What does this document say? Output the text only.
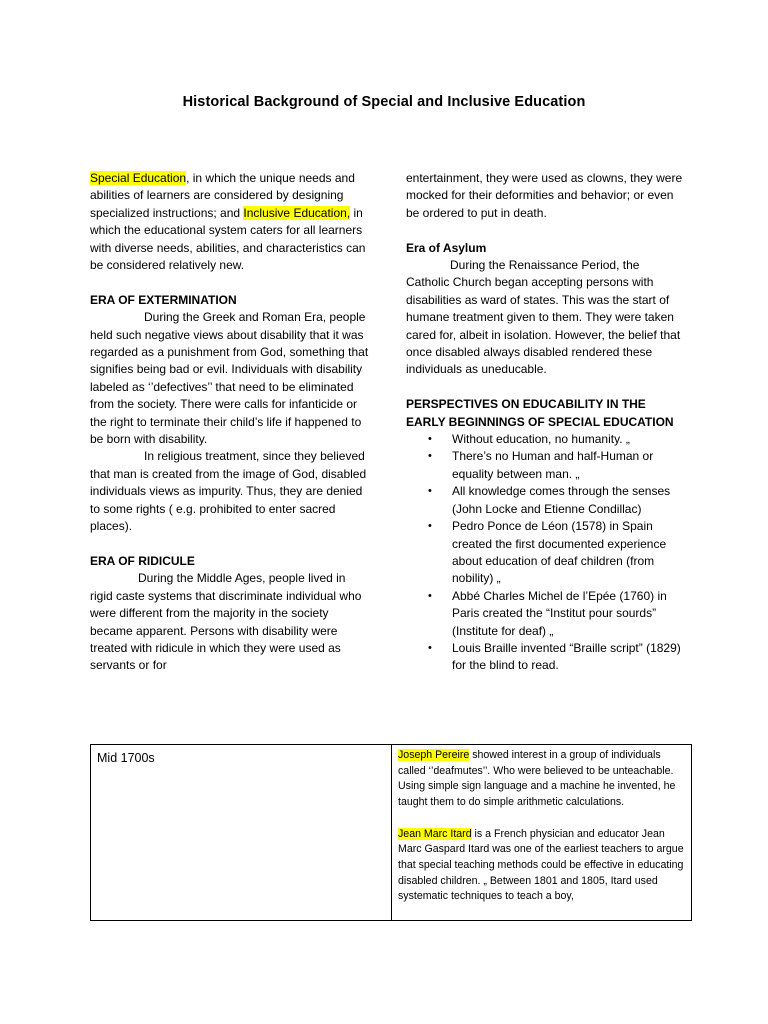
Historical Background of Special and Inclusive Education

Special Education, in which the unique needs and abilities of learners are considered by designing specialized instructions; and Inclusive Education, in which the educational system caters for all learners with diverse needs, abilities, and characteristics can be considered relatively new.

ERA OF EXTERMINATION

During the Greek and Roman Era, people held such negative views about disability that it was regarded as a punishment from God, something that signifies being bad or evil. Individuals with disability labeled as ‘’defectives’’ that need to be eliminated from the society. There were calls for infanticide or the right to terminate their child’s life if happened to be born with disability.

In religious treatment, since they believed that man is created from the image of God, disabled individuals views as impurity. Thus, they are denied to some rights ( e.g. prohibited to enter sacred places).

ERA OF RIDICULE

During the Middle Ages, people lived in rigid caste systems that discriminate individual who were different from the majority in the society became apparent. Persons with disability were treated with ridicule in which they were used as servants or for

entertainment, they were used as clowns, they were mocked for their deformities and behavior; or even be ordered to put in death.

Era of Asylum

During the Renaissance Period, the Catholic Church began accepting persons with disabilities as ward of states. This was the start of humane treatment given to them. They were taken cared for, albeit in isolation. However, the belief that once disabled always disabled rendered these individuals as uneducable.

PERSPECTIVES ON EDUCABILITY IN THE EARLY BEGINNINGS OF SPECIAL EDUCATION

• Without education, no humanity. „
• There’s no Human and half-Human or equality between man. „
• All knowledge comes through the senses (John Locke and Etienne Condillac)
• Pedro Ponce de Léon (1578) in Spain created the first documented experience about education of deaf children (from nobility) „
• Abbé Charles Michel de l’Epée (1760) in Paris created the “Institut pour sourds” (Institute for deaf) „
• Louis Braille invented “Braille script” (1829) for the blind to read.
Mid 1700s	Joseph Pereire showed interest in a group of individuals called ‘’deafmutes’’. Who were believed to be unteachable. Using simple sign language and a machine he invented, he taught them to do simple arithmetic calculations.

Jean Marc Itard is a French physician and educator Jean Marc Gaspard Itard was one of the earliest teachers to argue that special teaching methods could be effective in educating disabled children. „ Between 1801 and 1805, Itard used systematic techniques to teach a boy,
